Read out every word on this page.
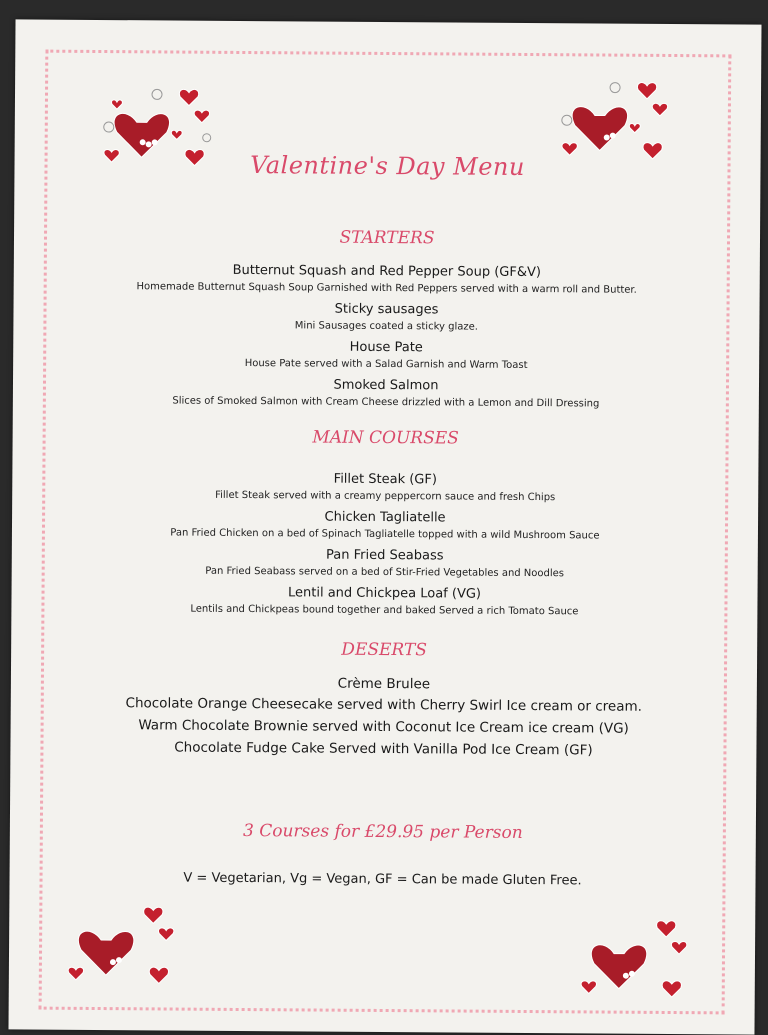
Valentine's Day Menu
STARTERS
Butternut Squash and Red Pepper Soup (GF&V)
Homemade Butternut Squash Soup Garnished with Red Peppers served with a warm roll and Butter.
Sticky sausages
Mini Sausages coated a sticky glaze.
House Pate
House Pate served with a Salad Garnish and Warm Toast
Smoked Salmon
Slices of Smoked Salmon with Cream Cheese drizzled with a Lemon and Dill Dressing
MAIN COURSES
Fillet Steak (GF)
Fillet Steak served with a creamy peppercorn sauce and fresh Chips
Chicken Tagliatelle
Pan Fried Chicken on a bed of Spinach Tagliatelle topped with a wild Mushroom Sauce
Pan Fried Seabass
Pan Fried Seabass served on a bed of Stir-Fried Vegetables and Noodles
Lentil and Chickpea Loaf (VG)
Lentils and Chickpeas bound together and baked Served a rich Tomato Sauce
DESERTS
Crème Brulee
Chocolate Orange Cheesecake served with Cherry Swirl Ice cream or cream.
Warm Chocolate Brownie served with Coconut Ice Cream ice cream (VG)
Chocolate Fudge Cake Served with Vanilla Pod Ice Cream (GF)
3 Courses for £29.95 per Person
V = Vegetarian, Vg = Vegan, GF = Can be made Gluten Free.
